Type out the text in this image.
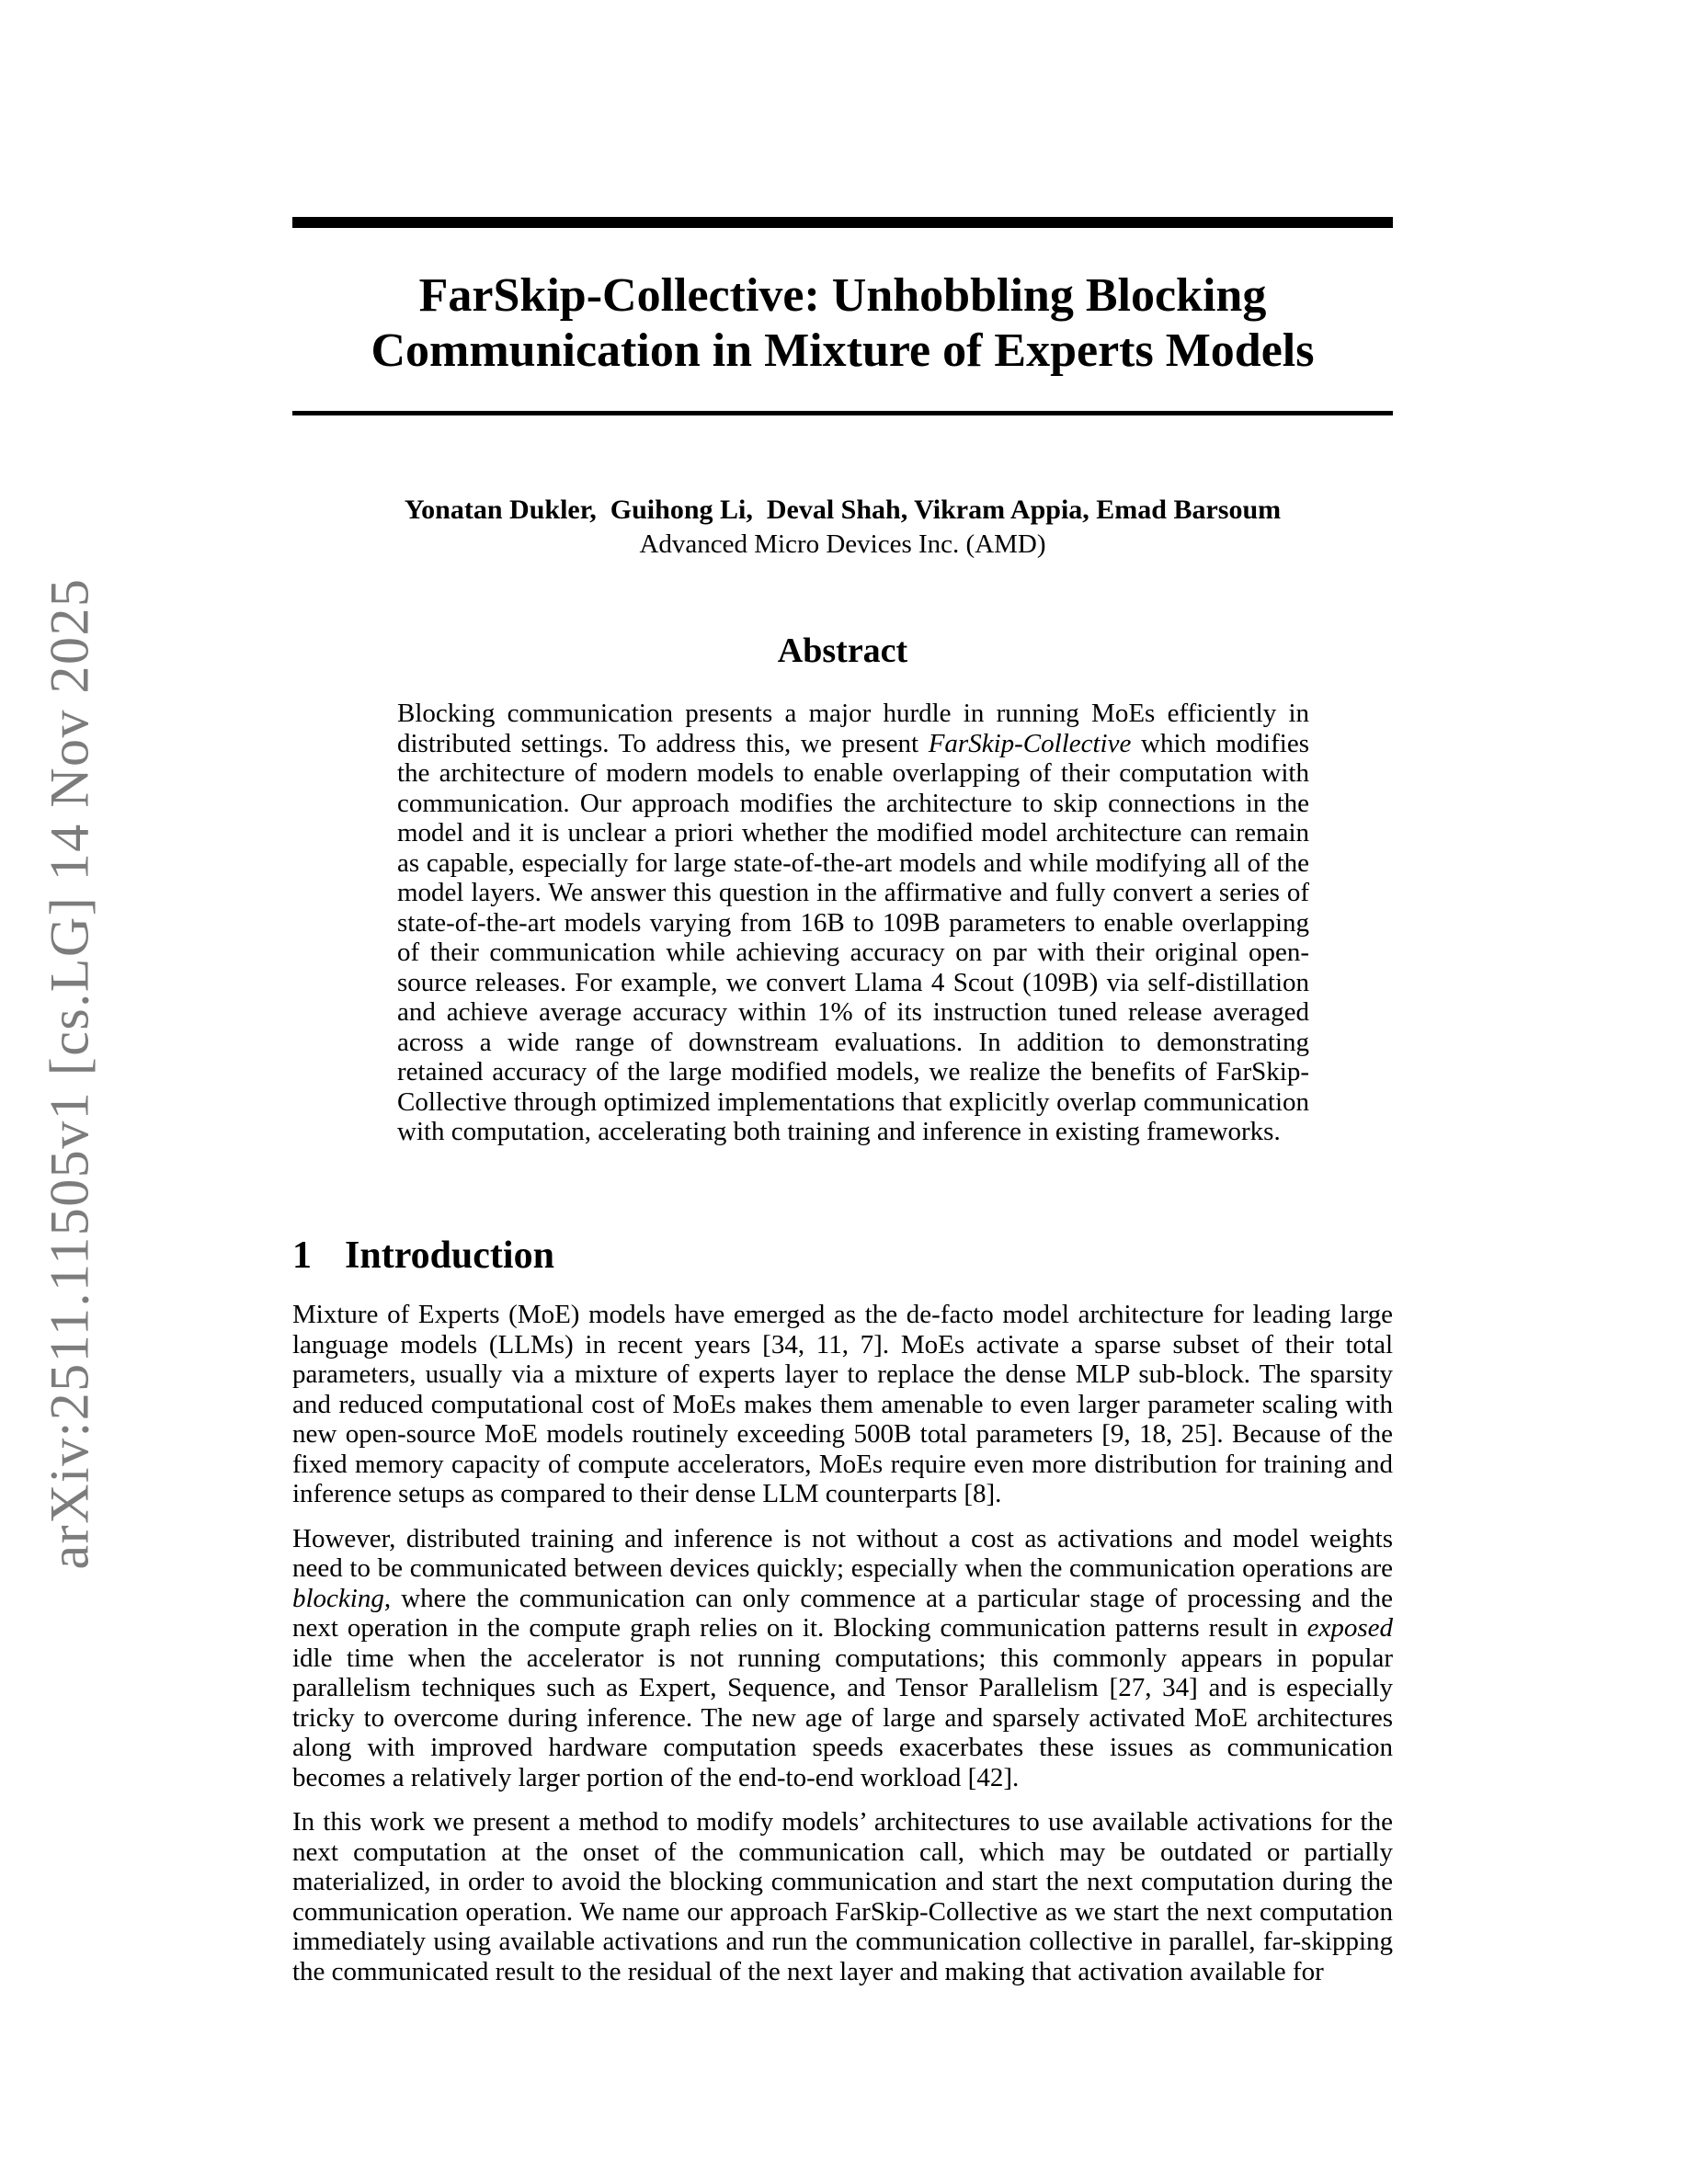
arXiv:2511.11505v1 [cs.LG] 14 Nov 2025
FarSkip-Collective: Unhobbling Blocking
Communication in Mixture of Experts Models
Yonatan Dukler,  Guihong Li,  Deval Shah, Vikram Appia, Emad Barsoum
Advanced Micro Devices Inc. (AMD)
Abstract
Blocking communication presents a major hurdle in running MoEs efficiently in distributed settings. To address this, we present FarSkip-Collective which modifies the architecture of modern models to enable overlapping of their computation with communication. Our approach modifies the architecture to skip connections in the model and it is unclear a priori whether the modified model architecture can remain as capable, especially for large state-of-the-art models and while modifying all of the model layers. We answer this question in the affirmative and fully convert a series of state-of-the-art models varying from 16B to 109B parameters to enable overlapping of their communication while achieving accuracy on par with their original open-source releases. For example, we convert Llama 4 Scout (109B) via self-distillation and achieve average accuracy within 1% of its instruction tuned release averaged across a wide range of downstream evaluations. In addition to demonstrating retained accuracy of the large modified models, we realize the benefits of FarSkip-Collective through optimized implementations that explicitly overlap communication with computation, accelerating both training and inference in existing frameworks.
1 Introduction

Mixture of Experts (MoE) models have emerged as the de-facto model architecture for leading large language models (LLMs) in recent years [34, 11, 7]. MoEs activate a sparse subset of their total parameters, usually via a mixture of experts layer to replace the dense MLP sub-block. The sparsity and reduced computational cost of MoEs makes them amenable to even larger parameter scaling with new open-source MoE models routinely exceeding 500B total parameters [9, 18, 25]. Because of the fixed memory capacity of compute accelerators, MoEs require even more distribution for training and inference setups as compared to their dense LLM counterparts [8].

However, distributed training and inference is not without a cost as activations and model weights need to be communicated between devices quickly; especially when the communication operations are blocking, where the communication can only commence at a particular stage of processing and the next operation in the compute graph relies on it. Blocking communication patterns result in exposed idle time when the accelerator is not running computations; this commonly appears in popular parallelism techniques such as Expert, Sequence, and Tensor Parallelism [27, 34] and is especially tricky to overcome during inference. The new age of large and sparsely activated MoE architectures along with improved hardware computation speeds exacerbates these issues as communication becomes a relatively larger portion of the end-to-end workload [42].

In this work we present a method to modify models’ architectures to use available activations for the next computation at the onset of the communication call, which may be outdated or partially materialized, in order to avoid the blocking communication and start the next computation during the communication operation. We name our approach FarSkip-Collective as we start the next computation immediately using available activations and run the communication collective in parallel, far-skipping the communicated result to the residual of the next layer and making that activation available for
